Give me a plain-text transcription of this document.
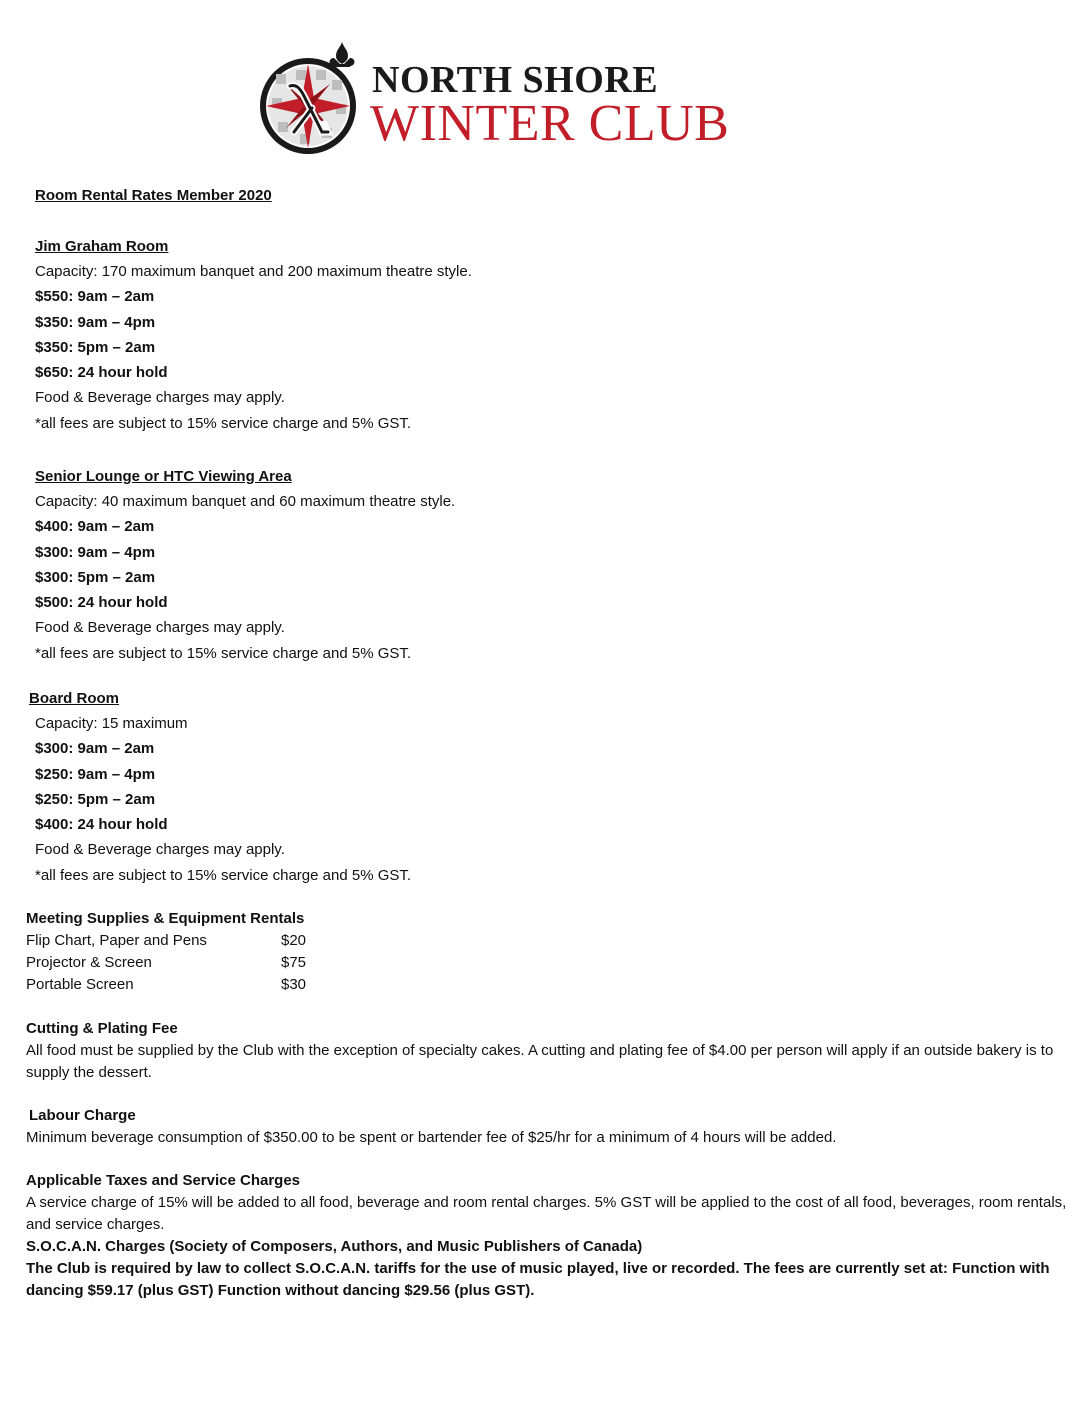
NORTH SHORE
WINTER CLUB
Room Rental Rates Member 2020
Jim Graham Room
Capacity: 170 maximum banquet and 200 maximum theatre style.
$550: 9am – 2am
$350: 9am – 4pm
$350: 5pm – 2am
$650: 24 hour hold
Food & Beverage charges may apply.
*all fees are subject to 15% service charge and 5% GST.
Senior Lounge or HTC Viewing Area
Capacity: 40 maximum banquet and 60 maximum theatre style.
$400: 9am – 2am
$300: 9am – 4pm
$300: 5pm – 2am
$500: 24 hour hold
Food & Beverage charges may apply.
*all fees are subject to 15% service charge and 5% GST.
Board Room
Capacity: 15 maximum
$300: 9am – 2am
$250: 9am – 4pm
$250: 5pm – 2am
$400: 24 hour hold
Food & Beverage charges may apply.
*all fees are subject to 15% service charge and 5% GST.
Meeting Supplies & Equipment Rentals
Flip Chart, Paper and Pens	$20
Projector & Screen	$75
Portable Screen	$30
Cutting & Plating Fee
All food must be supplied by the Club with the exception of specialty cakes. A cutting and plating fee of $4.00 per person will apply if an outside bakery is to supply the dessert.
Labour Charge
Minimum beverage consumption of $350.00 to be spent or bartender fee of $25/hr for a minimum of 4 hours will be added.
Applicable Taxes and Service Charges
A service charge of 15% will be added to all food, beverage and room rental charges. 5% GST will be applied to the cost of all food, beverages, room rentals, and service charges.
S.O.C.A.N. Charges (Society of Composers, Authors, and Music Publishers of Canada)
The Club is required by law to collect S.O.C.A.N. tariffs for the use of music played, live or recorded. The fees are currently set at: Function with dancing $59.17 (plus GST) Function without dancing $29.56 (plus GST).
